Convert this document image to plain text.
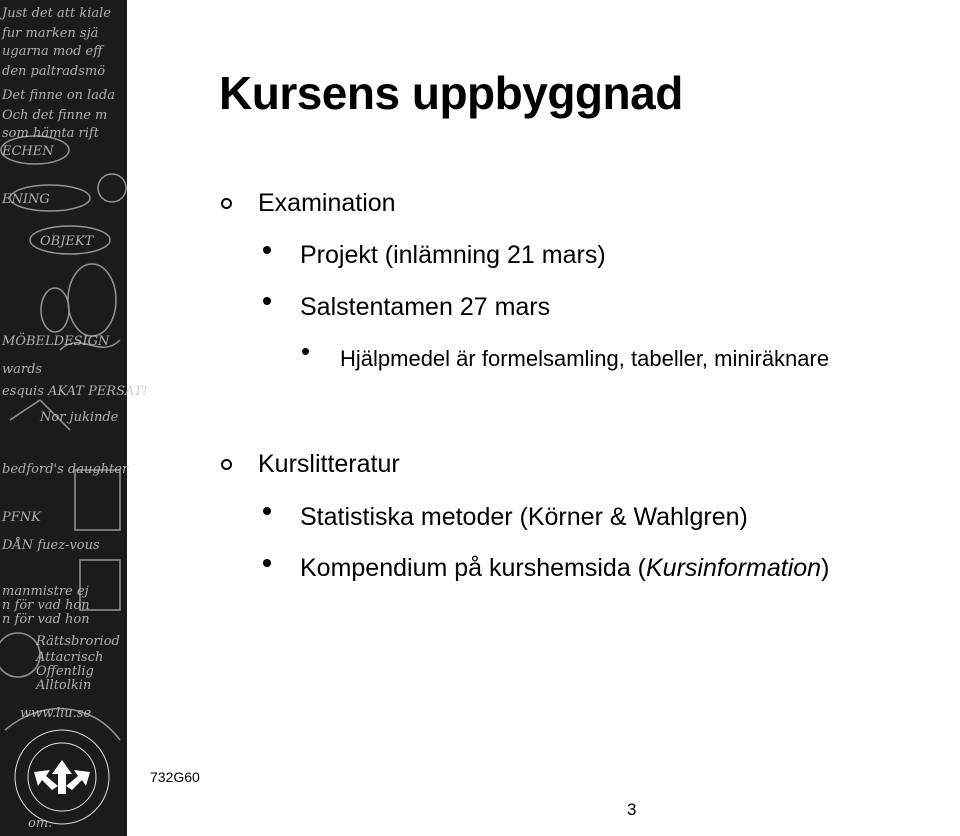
Just det att kiale
fur marken sjä
ugarna mod eff
den paltradsmö
Det finne on lada
Och det finne m
som hämta rift
ECHEN
ENING
OBJEKT
MÖBELDESIGN
wards
esquis AKAT PERSAT!
Nor jukinde
bedford's daughter
PFNK
DÅN fuez-vous
manmistre ej
n för vad hon
n för vad hon
Rättsbroriod
Attacrisch
Offentlig
Alltolkin
www.liu.se
om.
Kursens uppbyggnad
Examination
Projekt (inlämning 21 mars)
Salstentamen 27 mars
Hjälpmedel är formelsamling, tabeller, miniräknare
Kurslitteratur
Statistiska metoder (Körner & Wahlgren)
Kompendium på kurshemsida (Kursinformation)
732G60
3
